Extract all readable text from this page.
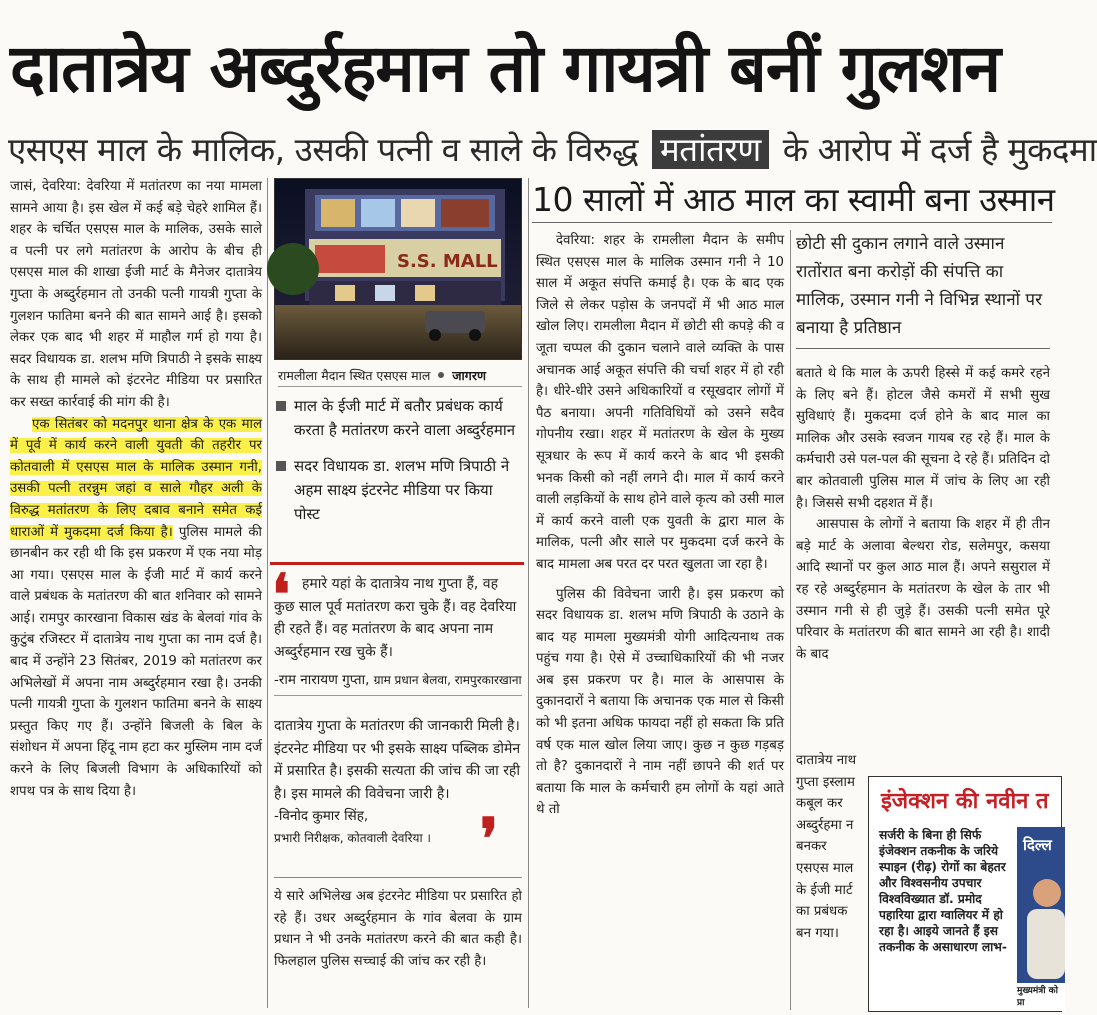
दातात्रेय अब्दुर्रहमान तो गायत्री बनीं गुलशन
एसएस माल के मालिक, उसकी पत्नी व साले के विरुद्ध मतांतरण के आरोप में दर्ज है मुकदमा

जासं, देवरिया: देवरिया में मतांतरण का नया मामला सामने आया है। इस खेल में कई बड़े चेहरे शामिल हैं। शहर के चर्चित एसएस माल के मालिक, उसके साले व पत्नी पर लगे मतांतरण के आरोप के बीच ही एसएस माल की शाखा ईजी मार्ट के मैनेजर दातात्रेय गुप्ता के अब्दुर्रहमान तो उनकी पत्नी गायत्री गुप्ता के गुलशन फातिमा बनने की बात सामने आई है। इसको लेकर एक बाद भी शहर में माहौल गर्म हो गया है। सदर विधायक डा. शलभ मणि त्रिपाठी ने इसके साक्ष्य के साथ ही मामले को इंटरनेट मीडिया पर प्रसारित कर सख्त कार्रवाई की मांग की है।

एक सितंबर को मदनपुर थाना क्षेत्र के एक माल में पूर्व में कार्य करने वाली युवती की तहरीर पर कोतवाली में एसएस माल के मालिक उस्मान गनी, उसकी पत्नी तरन्नुम जहां व साले गौहर अली के विरुद्ध मतांतरण के लिए दबाव बनाने समेत कई धाराओं में मुकदमा दर्ज किया है। पुलिस मामले की छानबीन कर रही थी कि इस प्रकरण में एक नया मोड़ आ गया। एसएस माल के ईजी मार्ट में कार्य करने वाले प्रबंधक के मतांतरण की बात शनिवार को सामने आई। रामपुर कारखाना विकास खंड के बेलवां गांव के कुटुंब रजिस्टर में दातात्रेय नाथ गुप्ता का नाम दर्ज है। बाद में उन्होंने 23 सितंबर, 2019 को मतांतरण कर अभिलेखों में अपना नाम अब्दुर्रहमान रखा है। उनकी पत्नी गायत्री गुप्ता के गुलशन फातिमा बनने के साक्ष्य प्रस्तुत किए गए हैं। उन्होंने बिजली के बिल के संशोधन में अपना हिंदू नाम हटा कर मुस्लिम नाम दर्ज करने के लिए बिजली विभाग के अधिकारियों को शपथ पत्र के साथ दिया है।

S.S. MALL
रामलीला मैदान स्थित एसएस माल जागरण
माल के ईजी मार्ट में बतौर प्रबंधक कार्य करता है मतांतरण करने वाला अब्दुर्रहमान
सदर विधायक डा. शलभ मणि त्रिपाठी ने अहम साक्ष्य इंटरनेट मीडिया पर किया पोस्ट
❛ हमारे यहां के दातात्रेय नाथ गुप्ता हैं, वह कुछ साल पूर्व मतांतरण करा चुके हैं। वह देवरिया ही रहते हैं। वह मतांतरण के बाद अपना नाम अब्दुर्रहमान रख चुके हैं।
-राम नारायण गुप्ता, ग्राम प्रधान बेलवा, रामपुरकारखाना
दातात्रेय गुप्ता के मतांतरण की जानकारी मिली है। इंटरनेट मीडिया पर भी इसके साक्ष्य पब्लिक डोमेन में प्रसारित है। इसकी सत्यता की जांच की जा रही है। इस मामले की विवेचना जारी है।
-विनोद कुमार सिंह,
प्रभारी निरीक्षक, कोतवाली देवरिया । ❜
ये सारे अभिलेख अब इंटरनेट मीडिया पर प्रसारित हो रहे हैं। उधर अब्दुर्रहमान के गांव बेलवा के ग्राम प्रधान ने भी उनके मतांतरण करने की बात कही है। फिलहाल पुलिस सच्चाई की जांच कर रही है।
10 सालों में आठ माल का स्वामी बना उस्मान

देवरिया: शहर के रामलीला मैदान के समीप स्थित एसएस माल के मालिक उस्मान गनी ने 10 साल में अकूत संपत्ति कमाई है। एक के बाद एक जिले से लेकर पड़ोस के जनपदों में भी आठ माल खोल लिए। रामलीला मैदान में छोटी सी कपड़े की व जूता चप्पल की दुकान चलाने वाले व्यक्ति के पास अचानक आई अकूत संपत्ति की चर्चा शहर में हो रही है। धीरे-धीरे उसने अधिकारियों व रसूखदार लोगों में पैठ बनाया। अपनी गतिविधियों को उसने सदैव गोपनीय रखा। शहर में मतांतरण के खेल के मुख्य सूत्रधार के रूप में कार्य करने के बाद भी इसकी भनक किसी को नहीं लगने दी। माल में कार्य करने वाली लड़कियों के साथ होने वाले कृत्य को उसी माल में कार्य करने वाली एक युवती के द्वारा माल के मालिक, पत्नी और साले पर मुकदमा दर्ज करने के बाद मामला अब परत दर परत खुलता जा रहा है।

पुलिस की विवेचना जारी है। इस प्रकरण को सदर विधायक डा. शलभ मणि त्रिपाठी के उठाने के बाद यह मामला मुख्यमंत्री योगी आदित्यनाथ तक पहुंच गया है। ऐसे में उच्चाधिकारियों की भी नजर अब इस प्रकरण पर है। माल के आसपास के दुकानदारों ने बताया कि अचानक एक माल से किसी को भी इतना अधिक फायदा नहीं हो सकता कि प्रति वर्ष एक माल खोल लिया जाए। कुछ न कुछ गड़बड़ तो है? दुकानदारों ने नाम नहीं छापने की शर्त पर बताया कि माल के कर्मचारी हम लोगों के यहां आते थे तो

छोटी सी दुकान लगाने वाले उस्मान रातोंरात बना करोड़ों की संपत्ति का मालिक, उस्मान गनी ने विभिन्न स्थानों पर बनाया है प्रतिष्ठान
बताते थे कि माल के ऊपरी हिस्से में कई कमरे रहने के लिए बने हैं। होटल जैसे कमरों में सभी सुख सुविधाएं हैं। मुकदमा दर्ज होने के बाद माल का मालिक और उसके स्वजन गायब रह रहे हैं। माल के कर्मचारी उसे पल-पल की सूचना दे रहे हैं। प्रतिदिन दो बार कोतवाली पुलिस माल में जांच के लिए आ रही है। जिससे सभी दहशत में हैं।
आसपास के लोगों ने बताया कि शहर में ही तीन बड़े मार्ट के अलावा बेल्थरा रोड, सलेमपुर, कसया आदि स्थानों पर कुल आठ माल हैं। अपने ससुराल में रह रहे अब्दुर्रहमान के मतांतरण के खेल के तार भी उस्मान गनी से ही जुड़े हैं। उसकी पत्नी समेत पूरे परिवार के मतांतरण की बात सामने आ रही है। शादी के बाद
दातात्रेय नाथ गुप्ता इस्लाम कबूल कर अब्दुर्रहमा न बनकर एसएस माल के ईजी मार्ट का प्रबंधक बन गया।
इंजेक्शन की नवीन त
सर्जरी के बिना ही सिर्फ इंजेक्शन तकनीक के जरिये स्पाइन (रीढ़) रोगों का बेहतर और विश्वसनीय उपचार विश्वविख्यात डॉ. प्रमोद पहारिया द्वारा ग्वालियर में हो रहा है। आइये जानते हैं इस तकनीक के असाधारण लाभ-
दिल्ल
मुख्यमंत्री को प्रा
